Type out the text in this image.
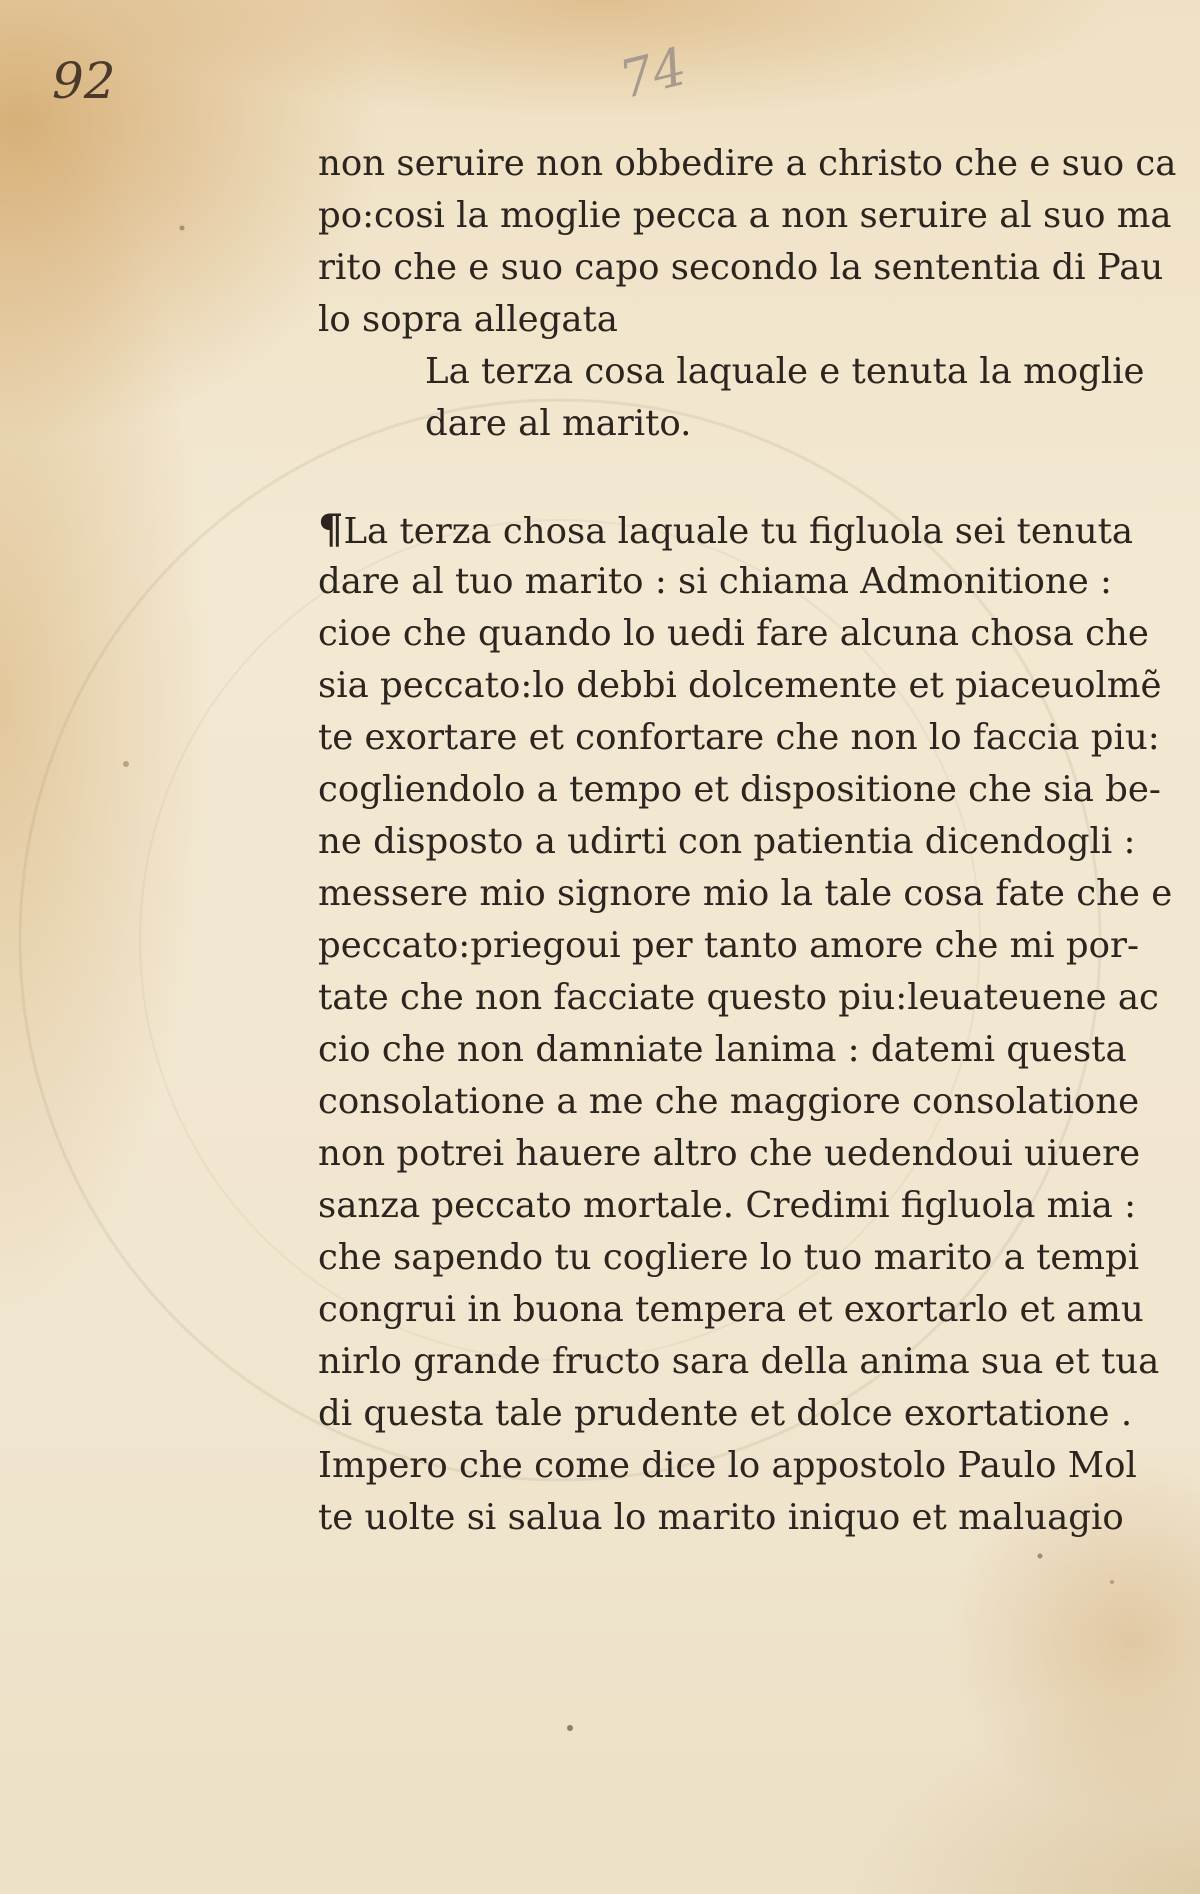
92	74
non seruire non obbedire a christo che e suo ca
po:cosi la moglie pecca a non seruire al suo ma
rito che e suo capo secondo la sententia di Pau
lo sopra allegata
La terza cosa laquale e tenuta la moglie
dare al marito.
¶La terza chosa laquale tu figluola sei tenuta
dare al tuo marito : si chiama Admonitione :
cioe che quando lo uedi fare alcuna chosa che
sia peccato:lo debbi dolcemente et piaceuolmẽ
te exortare et confortare che non lo faccia piu:
cogliendolo a tempo et dispositione che sia be-
ne disposto a udirti con patientia dicendogli :
messere mio signore mio la tale cosa fate che e
peccato:priegoui per tanto amore che mi por-
tate che non facciate questo piu:leuateuene ac
cio che non damniate lanima : datemi questa
consolatione a me che maggiore consolatione
non potrei hauere altro che uedendoui uiuere
sanza peccato mortale. Credimi figluola mia :
che sapendo tu cogliere lo tuo marito a tempi
congrui in buona tempera et exortarlo et amu
nirlo grande fructo sara della anima sua et tua
di questa tale prudente et dolce exortatione .
Impero che come dice lo appostolo Paulo Mol
te uolte si salua lo marito iniquo et maluagio
